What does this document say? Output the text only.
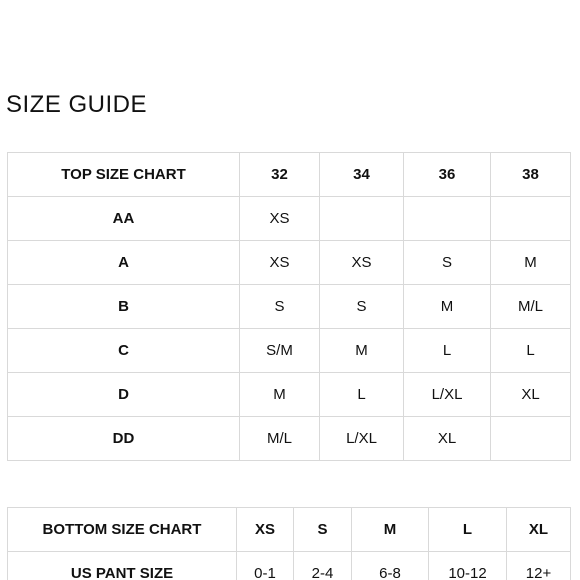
SIZE GUIDE
TOP SIZE CHART	32	34	36	38
AA	XS			
A	XS	XS	S	M
B	S	S	M	M/L
C	S/M	M	L	L
D	M	L	L/XL	XL
DD	M/L	L/XL	XL	
BOTTOM SIZE CHART	XS	S	M	L	XL
US PANT SIZE	0-1	2-4	6-8	10-12	12+
